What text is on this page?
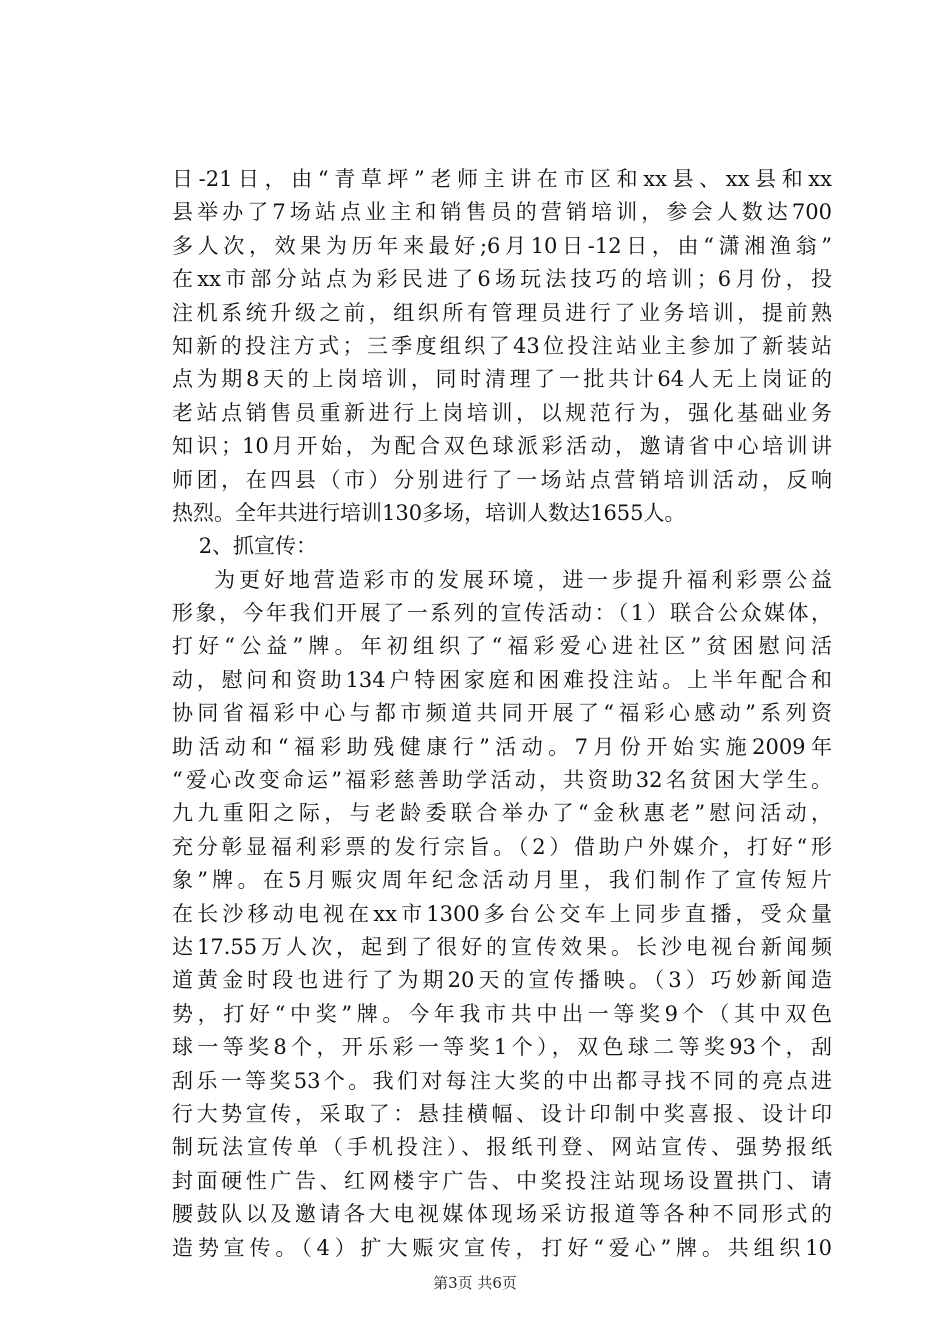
日-21日，由“青草坪”老师主讲在市区和xx县、xx县和xx
县举办了7场站点业主和销售员的营销培训，参会人数达700
多人次，效果为历年来最好;6月10日-12日，由“潇湘渔翁”
在xx市部分站点为彩民进了6场玩法技巧的培训；6月份，投
注机系统升级之前，组织所有管理员进行了业务培训，提前熟
知新的投注方式；三季度组织了43位投注站业主参加了新装站
点为期8天的上岗培训，同时清理了一批共计64人无上岗证的
老站点销售员重新进行上岗培训，以规范行为，强化基础业务
知识；10月开始，为配合双色球派彩活动，邀请省中心培训讲
师团，在四县（市）分别进行了一场站点营销培训活动，反响
热烈。全年共进行培训130多场，培训人数达1655人。
2、抓宣传：
为更好地营造彩市的发展环境，进一步提升福利彩票公益
形象，今年我们开展了一系列的宣传活动：（1）联合公众媒体，
打好“公益”牌。年初组织了“福彩爱心进社区”贫困慰问活
动，慰问和资助134户特困家庭和困难投注站。上半年配合和
协同省福彩中心与都市频道共同开展了“福彩心感动”系列资
助活动和“福彩助残健康行”活动。7月份开始实施2009年
“爱心改变命运”福彩慈善助学活动，共资助32名贫困大学生。
九九重阳之际，与老龄委联合举办了“金秋惠老”慰问活动，
充分彰显福利彩票的发行宗旨。（2）借助户外媒介，打好“形
象”牌。在5月赈灾周年纪念活动月里，我们制作了宣传短片
在长沙移动电视在xx市1300多台公交车上同步直播，受众量
达17.55万人次，起到了很好的宣传效果。长沙电视台新闻频
道黄金时段也进行了为期20天的宣传播映。（3）巧妙新闻造
势，打好“中奖”牌。今年我市共中出一等奖9个（其中双色
球一等奖8个，开乐彩一等奖1个），双色球二等奖93个，刮
刮乐一等奖53个。我们对每注大奖的中出都寻找不同的亮点进
行大势宣传，采取了：悬挂横幅、设计印制中奖喜报、设计印
制玩法宣传单（手机投注）、报纸刊登、网站宣传、强势报纸
封面硬性广告、红网楼宇广告、中奖投注站现场设置拱门、请
腰鼓队以及邀请各大电视媒体现场采访报道等各种不同形式的
造势宣传。（4）扩大赈灾宣传，打好“爱心”牌。共组织10
第3页 共6页
